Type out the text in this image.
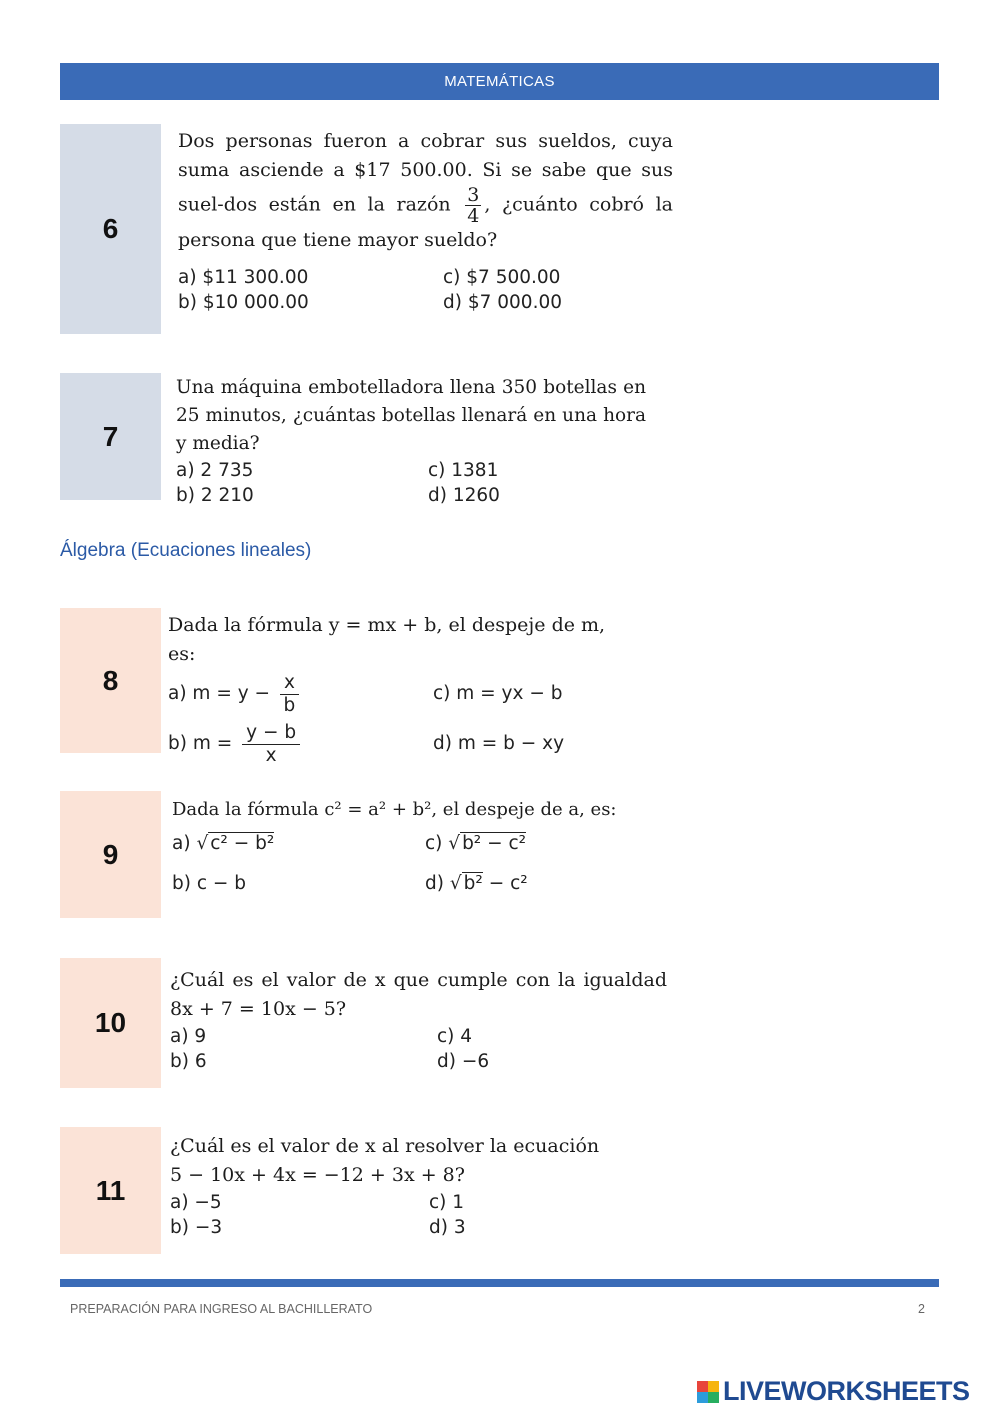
MATEMÁTICAS
6
Dos personas fueron a cobrar sus sueldos, cuya suma asciende a $17 500.00. Si se sabe que sus suel-dos están en la razón $\frac{3}{4}$ , ¿cuánto cobró la persona que tiene mayor sueldo?
a) $11 300.00	c) $7 500.00
b) $10 000.00	d) $7 000.00
7
Una máquina embotelladora llena 350 botellas en 25 minutos, ¿cuántas botellas llenará en una hora y media?
a) 2 735	c) 1381
b) 2 210	d) 1260
Álgebra (Ecuaciones lineales)
8
Dada la fórmula y = mx + b, el despeje de m, es:
a) $m = y - \frac{x}{b}$	c) m = yx − b
b) $m = \frac{y - b}{x}$	d) m = b − xy
9
Dada la fórmula c² = a² + b², el despeje de a, es:
a) √ c² − b²	c) √ b² − c²
b) c − b	d) √ b² − c²
10
¿Cuál es el valor de x que cumple con la igualdad 8x + 7 = 10x − 5?
a) 9	c) 4
b) 6	d) −6
11
¿Cuál es el valor de x al resolver la ecuación
5 − 10x + 4x = −12 + 3x + 8?
a) −5	c) 1
b) −3	d) 3
PREPARACIÓN PARA INGRESO AL BACHILLERATO	2
LIVEWORKSHEETS
